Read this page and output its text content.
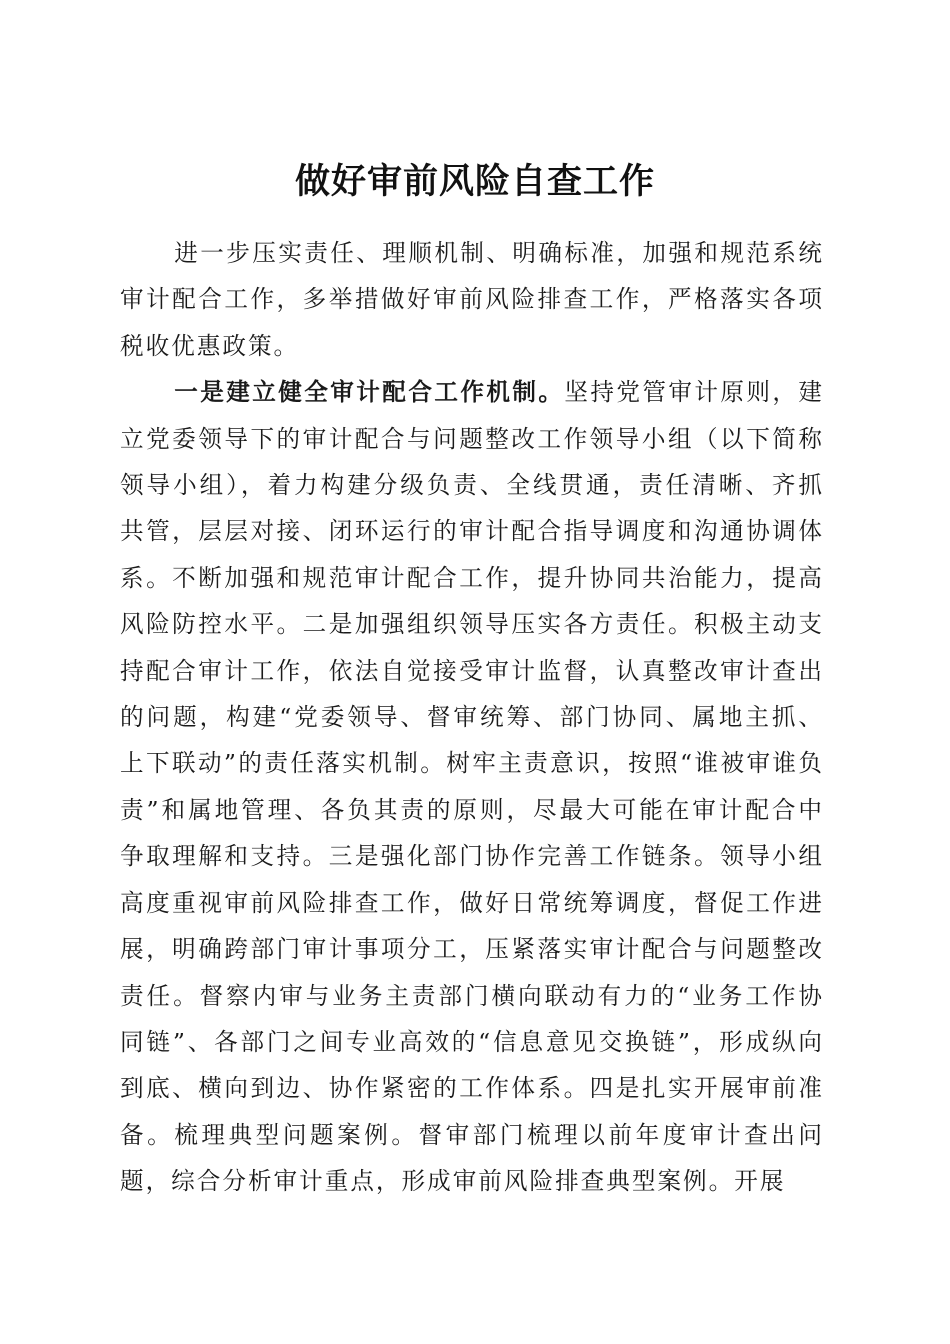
做好审前风险自查工作

进一步压实责任、理顺机制、明确标准，加强和规范系统审计配合工作，多举措做好审前风险排查工作，严格落实各项税收优惠政策。

一是建立健全审计配合工作机制。坚持党管审计原则，建立党委领导下的审计配合与问题整改工作领导小组（以下简称领导小组），着力构建分级负责、全线贯通，责任清晰、齐抓共管，层层对接、闭环运行的审计配合指导调度和沟通协调体系。不断加强和规范审计配合工作，提升协同共治能力，提高风险防控水平。二是加强组织领导压实各方责任。积极主动支持配合审计工作，依法自觉接受审计监督，认真整改审计查出的问题，构建“党委领导、督审统筹、部门协同、属地主抓、上下联动”的责任落实机制。树牢主责意识，按照“谁被审谁负责”和属地管理、各负其责的原则，尽最大可能在审计配合中争取理解和支持。三是强化部门协作完善工作链条。领导小组高度重视审前风险排查工作，做好日常统筹调度，督促工作进展，明确跨部门审计事项分工，压紧落实审计配合与问题整改责任。督察内审与业务主责部门横向联动有力的“业务工作协同链”、各部门之间专业高效的“信息意见交换链”，形成纵向到底、横向到边、协作紧密的工作体系。四是扎实开展审前准备。梳理典型问题案例。督审部门梳理以前年度审计查出问题，综合分析审计重点，形成审前风险排查典型案例。开展
